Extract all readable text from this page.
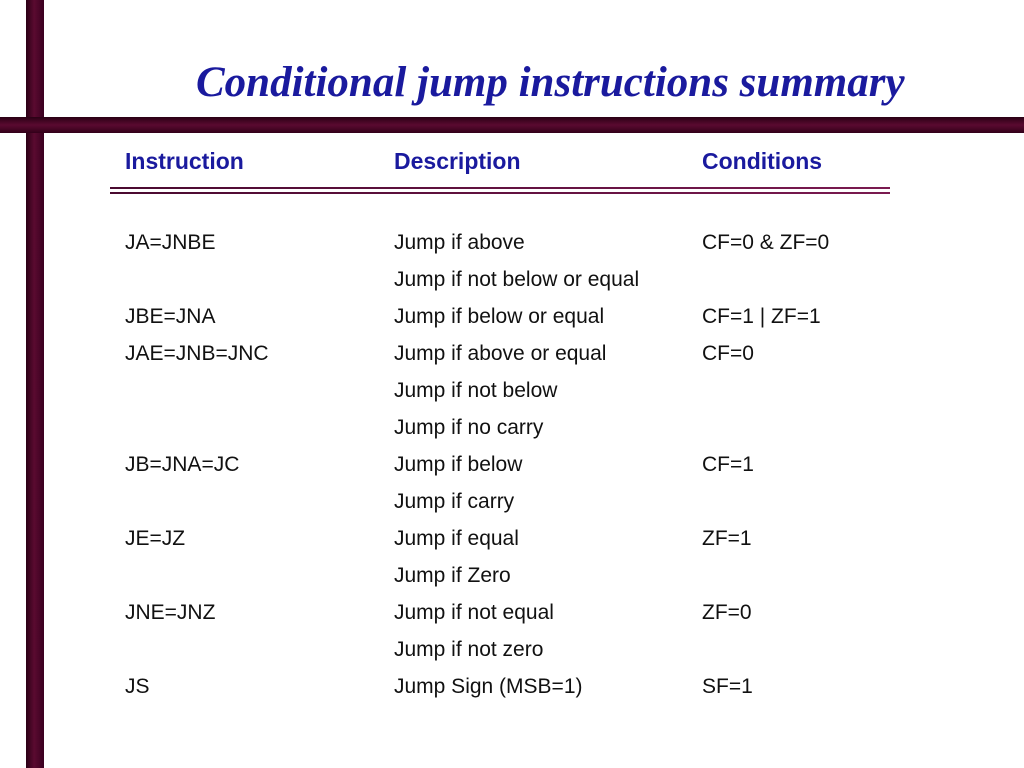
Conditional jump instructions summary
Instruction	Description	Conditions
JA=JNBE	Jump if above	CF=0 & ZF=0
Jump if not below or equal
JBE=JNA	Jump if below or equal	CF=1 | ZF=1
JAE=JNB=JNC	Jump if above or equal	CF=0
Jump if not below
Jump if no carry
JB=JNA=JC	Jump if below	CF=1
Jump if carry
JE=JZ	Jump if equal	ZF=1
Jump if Zero
JNE=JNZ	Jump if not equal	ZF=0
Jump if not zero
JS	Jump Sign (MSB=1)	SF=1
